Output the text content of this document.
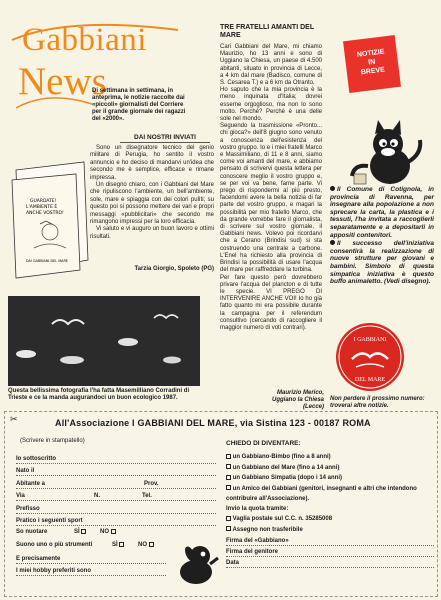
Gabbiani
News
Di settimana in settimana, in anteprima, le notizie raccolte dai «piccoli» giornalisti del Corriere per il grande giornale dei ragazzi del «2000».
GUARDATE!
L'AMBIENTE È
ANCHE VOSTRO!
DAI GABBIANI DEL MARE
DAI NOSTRI INVIATI

Sono un disegnatore tecnico del genio militare di Perugia, ho sentito il vostro annuncio e ho deciso di mandarvi un'idea che secondo me è semplice, efficace e rimane impressa.

Un disegno chiaro, con i Gabbiani del Mare che ripuliscono l'ambiente, un bell'ambiente, sole, mare e spiaggia con dei colori pulìti; su questo poi si possono mettere dei vari e propri messaggi «pubblicitari» che secondo me rimangono impressi per la loro efficacia.

Vi saluto e vi auguro un buon lavoro e ottimi risultati.

Tarzia Giorgio, Spoleto (PG)
Questa bellissima fotografia l'ha fatta Masemilliano Corradini di Trieste e ce la manda augurandoci un buon ecologico 1987.
TRE FRATELLI AMANTI DEL MARE

Cari Gabbiani del Mare, mi chiamo Maurizio, ho 13 anni e sono di Uggiano la Chiesa, un paese di 4.500 abitanti, situato in provincia di Lecce, a 4 km dal mare (Badisco, comune di S. Cesarea T.) e a 6 km da Otranto.

Ho saputo che la mia provincia è la meno inquinata d'Italia; dovrei esserne orgoglioso, ma non lo sono molto. Perché? Perché è una delle sole nel mondo.

Seguendo la trasmissione «Pronto... chi gioca?» dell'8 giugno sono venuto a conoscenza dell'esistenza del vostro gruppo. Io e i miei fratelli Marco e Massimiliano, di 11 e 8 anni, siamo come voi amanti del mare, e abbiamo pensato di scrivervi questa lettera per conoscere meglio il vostro gruppo e, se per voi va bene, farne parte. Vi prego di rispondermi al più presto, facendomi avere la bella notizia di far parte del vostro gruppo, e magari la possibilità per mio fratello Marco, che da grande vorrebbe fare il giornalista, di scrivere sul vostro giornale, il Gabbiani news. Volevo poi ricordarvi che a Cerano (Brindisi sud) si sta costruendo una centrale a carbone. L'Enel ha richiesto alla provincia di Brindisi la possibilità di usare l'acqua del mare per raffreddare la turbina.

Per fare questo però dovrebbero privare l'acqua del plancton e di tutte le specie. VI PREGO DI INTERVENIRE ANCHE VOI! Io ho già fatto quanto mi era possibile durante la campagna per il referendum consultivo (cercando di raccogliere il maggior numero di voti contrari).

Maurizio Merico,
Uggiano la Chiesa (Lecce)
NOTIZIE
IN
BREVE

Il Comune di Cotignola, in provincia di Ravenna, per insegnare alla popolazione a non sprecare la carta, la plastica e i tessuti, l'ha invitata a raccoglierli separatamente e a depositarli in appositi contenitori.

Il successo dell'iniziativa consentirà la realizzazione di nuove strutture per giovani e bambini. Simbolo di questa simpatica iniziativa è questo buffo animaletto. (Vedi disegno).

I GABBIANI
DEL MARE
Non perdere il prossimo numero: troverai altre notizie.
✂	All'Associazione I GABBIANI DEL MARE, via Sistina 123 - 00187 ROMA
(Scrivere in stampatello)
Io sottoscritto
Nato il
Abitante a	Prov.
Via	N.	Tel.
Prefisso
Pratico i seguenti sport
So nuotare	SÌ	NO
Suono uno o più strumenti	SÌ	NO
E precisamente
I miei hobby preferiti sono
CHIEDO DI DIVENTARE:
un Gabbiano-Bimbo (fino a 8 anni)
un Gabbiano del Mare (fino a 14 anni)
un Gabbiano Simpatia (dopo i 14 anni)
un Amico dei Gabbiani (genitori, insegnanti e altri che intendono contribuire all'Associazione).
Invio la quota tramite:
Vaglia postale sul C.C. n. 35285008
Assegno non trasferibile
Firma del «Gabbiano»
Firma del genitore
Data
